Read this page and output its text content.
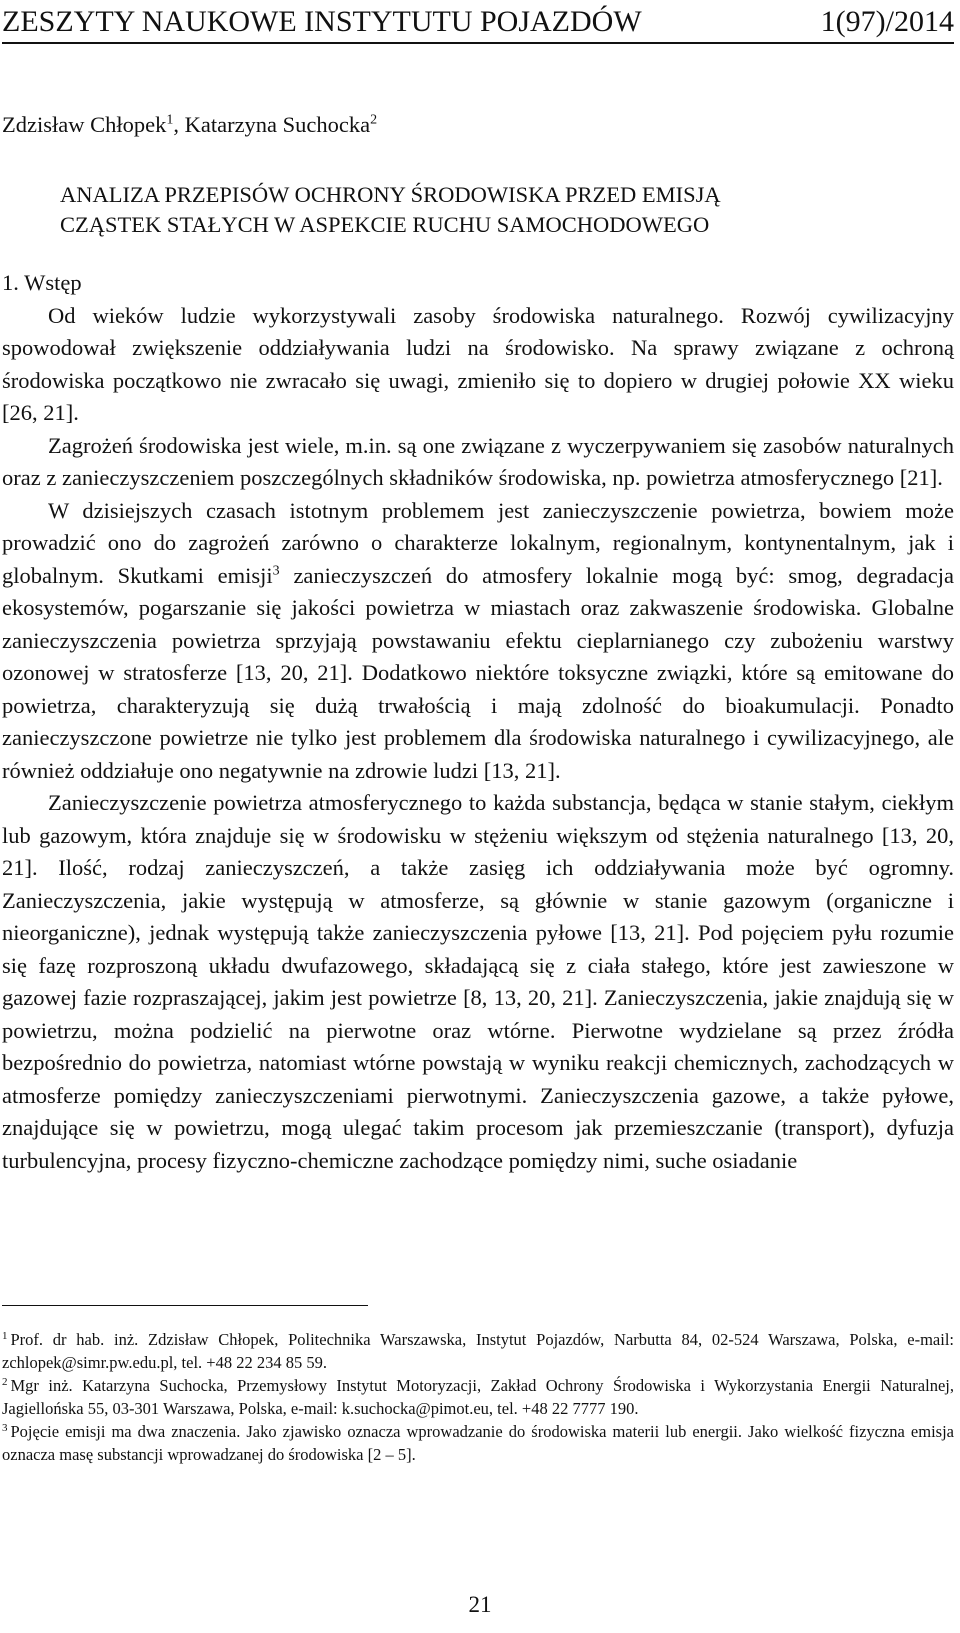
ZESZYTY NAUKOWE INSTYTUTU POJAZDÓW	1(97)/2014
Zdzisław Chłopek$^1$, Katarzyna Suchocka$^2$
ANALIZA PRZEPISÓW OCHRONY ŚRODOWISKA PRZED EMISJĄ
CZĄSTEK STAŁYCH W ASPEKCIE RUCHU SAMOCHODOWEGO
1. Wstęp

Od wieków ludzie wykorzystywali zasoby środowiska naturalnego. Rozwój cywilizacyjny spowodował zwiększenie oddziaływania ludzi na środowisko. Na sprawy związane z ochroną środowiska początkowo nie zwracało się uwagi, zmieniło się to dopiero w drugiej połowie XX wieku [26, 21].

Zagrożeń środowiska jest wiele, m.in. są one związane z wyczerpywaniem się zasobów naturalnych oraz z zanieczyszczeniem poszczególnych składników środowiska, np. powietrza atmosferycznego [21].

W dzisiejszych czasach istotnym problemem jest zanieczyszczenie powietrza, bowiem może prowadzić ono do zagrożeń zarówno o charakterze lokalnym, regionalnym, kontynentalnym, jak i globalnym. Skutkami emisji$^3$ zanieczyszczeń do atmosfery lokalnie mogą być: smog, degradacja ekosystemów, pogarszanie się jakości powietrza w miastach oraz zakwaszenie środowiska. Globalne zanieczyszczenia powietrza sprzyjają powstawaniu efektu cieplarnianego czy zubożeniu warstwy ozonowej w stratosferze [13, 20, 21]. Dodatkowo niektóre toksyczne związki, które są emitowane do powietrza, charakteryzują się dużą trwałością i mają zdolność do bioakumulacji. Ponadto zanieczyszczone powietrze nie tylko jest problemem dla środowiska naturalnego i cywilizacyjnego, ale również oddziałuje ono negatywnie na zdrowie ludzi [13, 21].

Zanieczyszczenie powietrza atmosferycznego to każda substancja, będąca w stanie stałym, ciekłym lub gazowym, która znajduje się w środowisku w stężeniu większym od stężenia naturalnego [13, 20, 21]. Ilość, rodzaj zanieczyszczeń, a także zasięg ich oddziaływania może być ogromny. Zanieczyszczenia, jakie występują w atmosferze, są głównie w stanie gazowym (organiczne i nieorganiczne), jednak występują także zanieczyszczenia pyłowe [13, 21]. Pod pojęciem pyłu rozumie się fazę rozproszoną układu dwufazowego, składającą się z ciała stałego, które jest zawieszone w gazowej fazie rozpraszającej, jakim jest powietrze [8, 13, 20, 21]. Zanieczyszczenia, jakie znajdują się w powietrzu, można podzielić na pierwotne oraz wtórne. Pierwotne wydzielane są przez źródła bezpośrednio do powietrza, natomiast wtórne powstają w wyniku reakcji chemicznych, zachodzących w atmosferze pomiędzy zanieczyszczeniami pierwotnymi. Zanieczyszczenia gazowe, a także pyłowe, znajdujące się w powietrzu, mogą ulegać takim procesom jak przemieszczanie (transport), dyfuzja turbulencyjna, procesy fizyczno-chemiczne zachodzące pomiędzy nimi, suche osiadanie

$^1$ Prof. dr hab. inż. Zdzisław Chłopek, Politechnika Warszawska, Instytut Pojazdów, Narbutta 84, 02-524 Warszawa, Polska, e-mail: zchlopek@simr.pw.edu.pl, tel. +48 22 234 85 59.

$^2$ Mgr inż. Katarzyna Suchocka, Przemysłowy Instytut Motoryzacji, Zakład Ochrony Środowiska i Wykorzystania Energii Naturalnej, Jagiellońska 55, 03-301 Warszawa, Polska, e-mail: k.suchocka@pimot.eu, tel. +48 22 7777 190.

$^3$ Pojęcie emisji ma dwa znaczenia. Jako zjawisko oznacza wprowadzanie do środowiska materii lub energii. Jako wielkość fizyczna emisja oznacza masę substancji wprowadzanej do środowiska [2 – 5].

21
